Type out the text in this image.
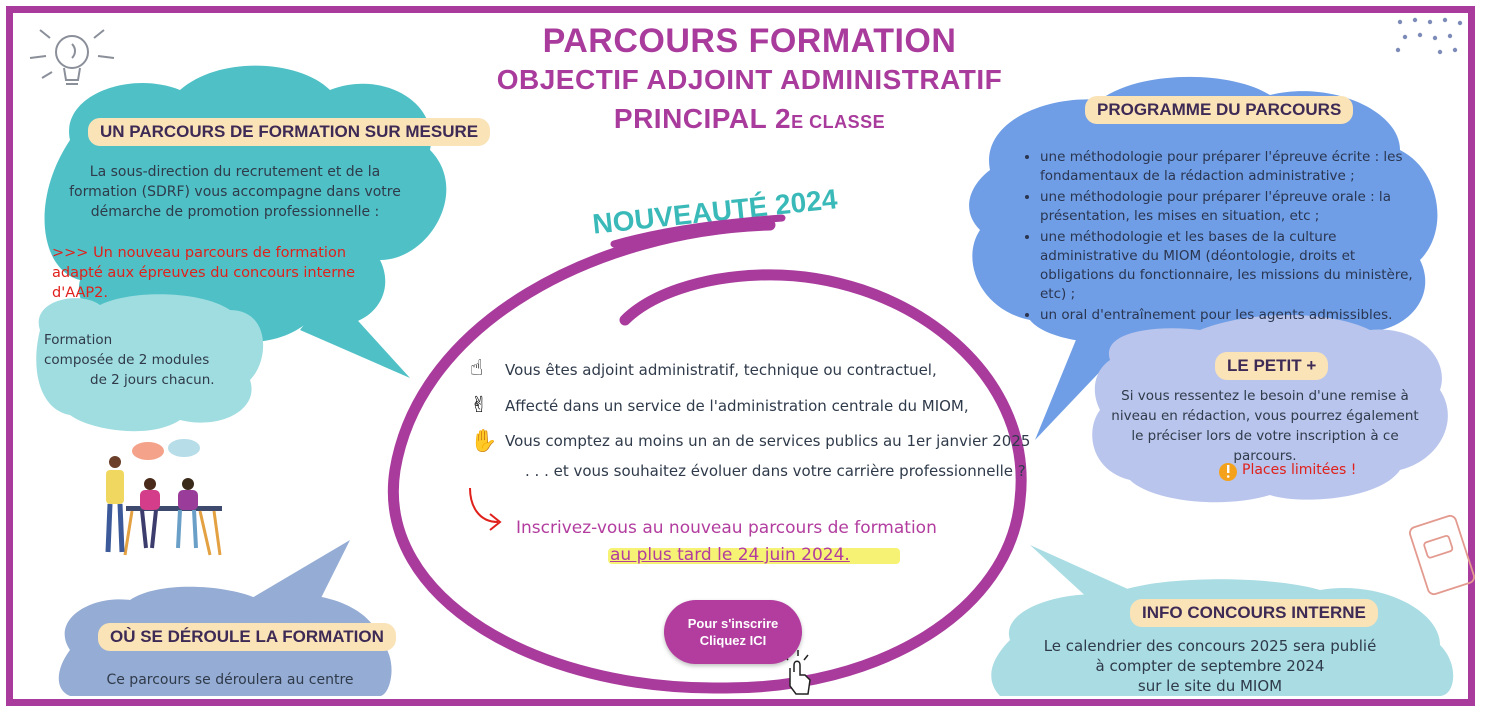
PARCOURS FORMATION
OBJECTIF ADJOINT ADMINISTRATIF
PRINCIPAL 2E CLASSE
NOUVEAUTÉ 2024
UN PARCOURS DE FORMATION SUR MESURE
La sous-direction du recrutement et de la formation (SDRF) vous accompagne dans votre démarche de promotion professionnelle :
>>> Un nouveau parcours de formation adapté aux épreuves du concours interne d'AAP2.
Formation
composée de 2 modules
de 2 jours chacun.
OÙ SE DÉROULE LA FORMATION
Ce parcours se déroulera au centre
☝ Vous êtes adjoint administratif, technique ou contractuel,
✌ Affecté dans un service de l'administration centrale du MIOM,
✋ Vous comptez au moins un an de services publics au 1er janvier 2025
. . . et vous souhaitez évoluer dans votre carrière professionnelle ?
Inscrivez-vous au nouveau parcours de formation
au plus tard le 24 juin 2024.
Pour s'inscrire
Cliquez ICI
PROGRAMME DU PARCOURS
• une méthodologie pour préparer l'épreuve écrite : les fondamentaux de la rédaction administrative ;
• une méthodologie pour préparer l'épreuve orale : la présentation, les mises en situation, etc ;
• une méthodologie et les bases de la culture administrative du MIOM (déontologie, droits et obligations du fonctionnaire, les missions du ministère, etc) ;
• un oral d'entraînement pour les agents admissibles.
LE PETIT +
Si vous ressentez le besoin d'une remise à niveau en rédaction, vous pourrez également le préciser lors de votre inscription à ce parcours.
Places limitées !
INFO CONCOURS INTERNE
Le calendrier des concours 2025 sera publié
à compter de septembre 2024
sur le site du MIOM
